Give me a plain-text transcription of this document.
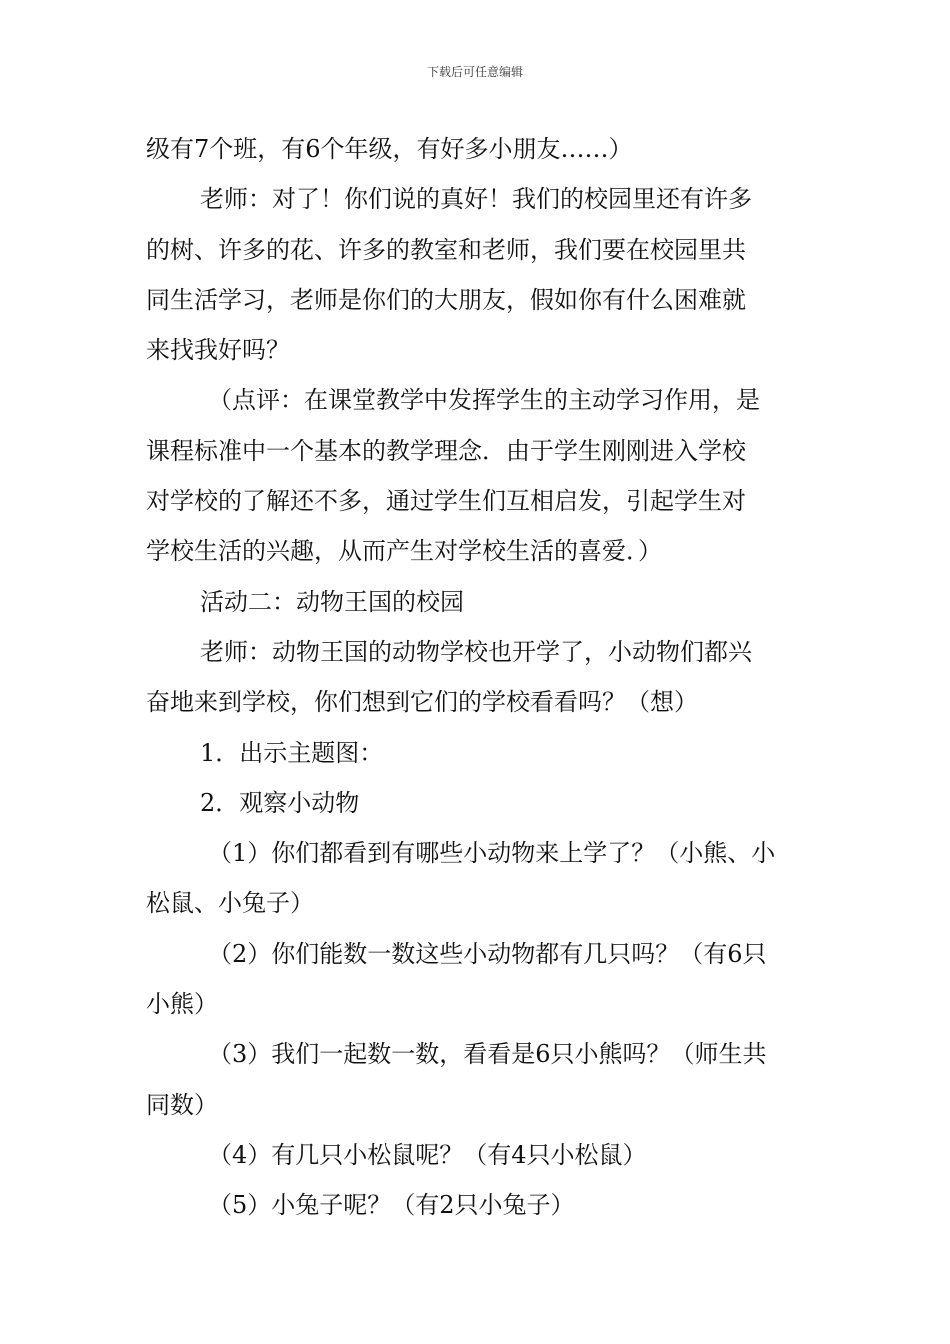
下载后可任意编辑
级有7个班，有6个年级，有好多小朋友……）
老师：对了！你们说的真好！我们的校园里还有许多
的树、许多的花、许多的教室和老师，我们要在校园里共
同生活学习，老师是你们的大朋友，假如你有什么困难就
来找我好吗？
（点评：在课堂教学中发挥学生的主动学习作用，是
课程标准中一个基本的教学理念．由于学生刚刚进入学校
对学校的了解还不多，通过学生们互相启发，引起学生对
学校生活的兴趣，从而产生对学校生活的喜爱．）
活动二：动物王国的校园
老师：动物王国的动物学校也开学了，小动物们都兴
奋地来到学校，你们想到它们的学校看看吗？（想）
1．出示主题图：
2．观察小动物
（1）你们都看到有哪些小动物来上学了？（小熊、小
松鼠、小兔子）
（2）你们能数一数这些小动物都有几只吗？（有6只
小熊）
（3）我们一起数一数，看看是6只小熊吗？（师生共
同数）
（4）有几只小松鼠呢？（有4只小松鼠）
（5）小兔子呢？（有2只小兔子）
